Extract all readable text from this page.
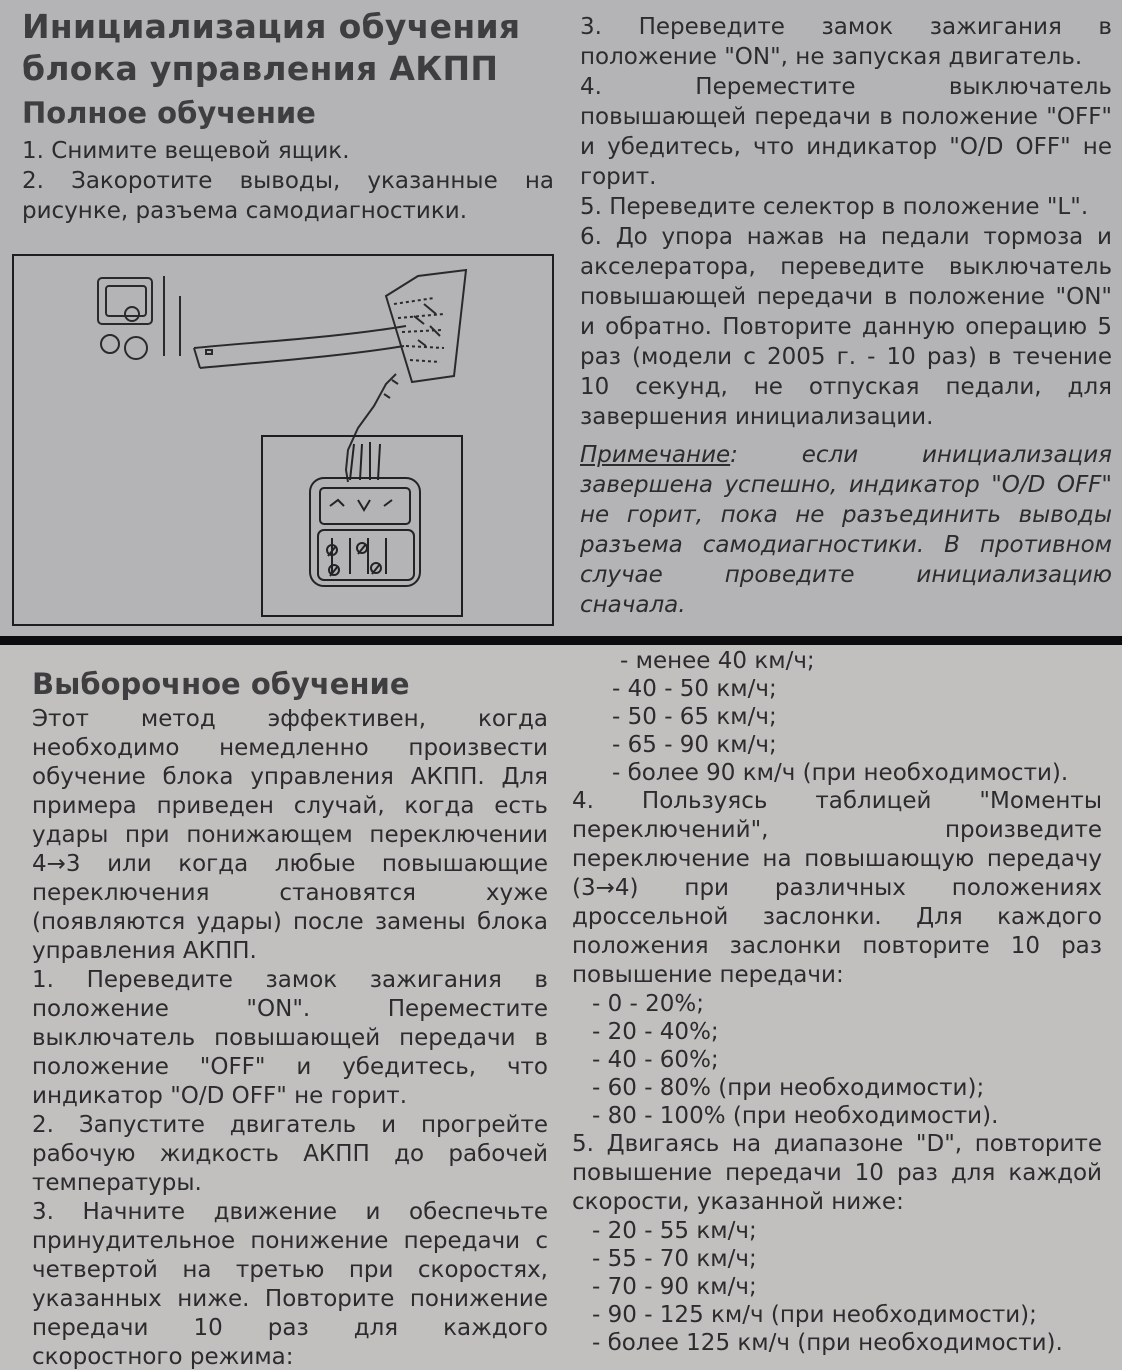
Инициализация обучения
блока управления АКПП
Полное обучение
1. Снимите вещевой ящик.
2. Закоротите выводы, указанные на рисунке, разъема самодиагностики.
3. Переведите замок зажигания в положение "ON", не запуская двигатель.
4. Переместите выключатель повышающей передачи в положение "OFF" и убедитесь, что индикатор "O/D OFF" не горит.
5. Переведите селектор в положение "L".
6. До упора нажав на педали тормоза и акселератора, переведите выключатель повышающей передачи в положение "ON" и обратно. Повторите данную операцию 5 раз (модели с 2005 г. - 10 раз) в течение 10 секунд, не отпуская педали, для завершения инициализации.
Примечание: если инициализация завершена успешно, индикатор "O/D OFF" не горит, пока не разъединить выводы разъема самодиагностики. В противном случае проведите инициализацию сначала.
Выборочное обучение
Этот метод эффективен, когда необходимо немедленно произвести обучение блока управления АКПП. Для примера приведен случай, когда есть удары при понижающем переключении 4→3 или когда любые повышающие переключения становятся хуже (появляются удары) после замены блока управления АКПП.
1. Переведите замок зажигания в положение "ON". Переместите выключатель повышающей передачи в положение "OFF" и убедитесь, что индикатор "O/D OFF" не горит.
2. Запустите двигатель и прогрейте рабочую жидкость АКПП до рабочей температуры.
3. Начните движение и обеспечьте принудительное понижение передачи с четвертой на третью при скоростях, указанных ниже. Повторите понижение передачи 10 раз для каждого скоростного режима:
- менее 40 км/ч;
- 40 - 50 км/ч;
- 50 - 65 км/ч;
- 65 - 90 км/ч;
- более 90 км/ч (при необходимости).
4. Пользуясь таблицей "Моменты переключений", произведите переключение на повышающую передачу (3→4) при различных положениях дроссельной заслонки. Для каждого положения заслонки повторите 10 раз повышение передачи:
- 0 - 20%;
- 20 - 40%;
- 40 - 60%;
- 60 - 80% (при необходимости);
- 80 - 100% (при необходимости).
5. Двигаясь на диапазоне "D", повторите повышение передачи 10 раз для каждой скорости, указанной ниже:
- 20 - 55 км/ч;
- 55 - 70 км/ч;
- 70 - 90 км/ч;
- 90 - 125 км/ч (при необходимости);
- более 125 км/ч (при необходимости).
